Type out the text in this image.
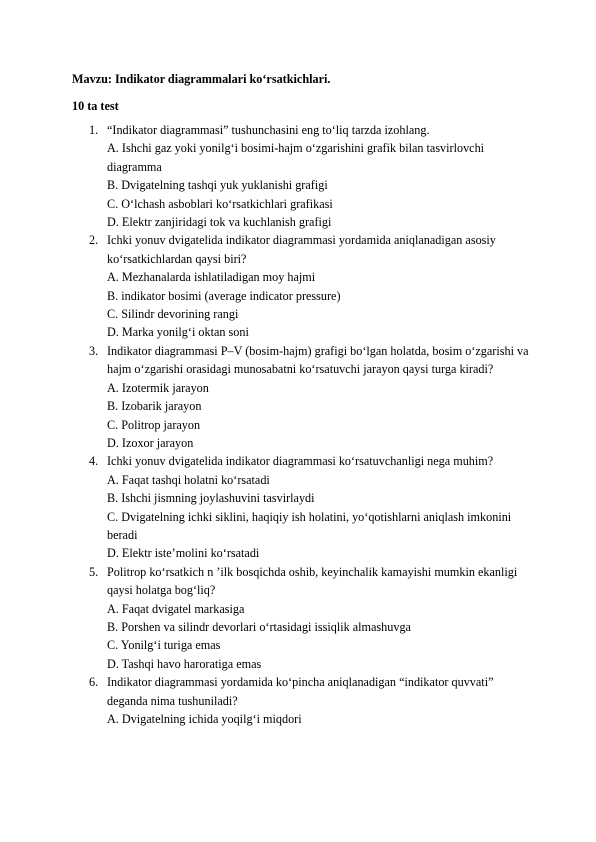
Mavzu: Indikator diagrammalari koʻrsatkichlari.
10 ta test
1. “Indikator diagrammasi” tushunchasini eng toʻliq tarzda izohlang.
A. Ishchi gaz yoki yonilgʻi bosimi-hajm oʻzgarishini grafik bilan tasvirlovchi diagramma
B. Dvigatelning tashqi yuk yuklanishi grafigi
C. Oʻlchash asboblari koʻrsatkichlari grafikasi
D. Elektr zanjiridagi tok va kuchlanish grafigi
2. Ichki yonuv dvigatelida indikator diagrammasi yordamida aniqlanadigan asosiy koʻrsatkichlardan qaysi biri?
A. Mezhanalarda ishlatiladigan moy hajmi
B. indikator bosimi (average indicator pressure)
C. Silindr devorining rangi
D. Marka yonilgʻi oktan soni
3. Indikator diagrammasi P–V (bosim-hajm) grafigi boʻlgan holatda, bosim oʻzgarishi va hajm oʻzgarishi orasidagi munosabatni koʻrsatuvchi jarayon qaysi turga kiradi?
A. Izotermik jarayon
B. Izobarik jarayon
C. Politrop jarayon
D. Izoxor jarayon
4. Ichki yonuv dvigatelida indikator diagrammasi koʻrsatuvchanligi nega muhim?
A. Faqat tashqi holatni koʻrsatadi
B. Ishchi jismning joylashuvini tasvirlaydi
C. Dvigatelning ichki siklini, haqiqiy ish holatini, yoʻqotishlarni aniqlash imkonini beradi
D. Elektr isteʼmolini koʻrsatadi
5. Politrop koʻrsatkich n ʼilk bosqichda oshib, keyinchalik kamayishi mumkin ekanligi qaysi holatga bogʻliq?
A. Faqat dvigatel markasiga
B. Porshen va silindr devorlari oʻrtasidagi issiqlik almashuvga
C. Yonilgʻi turiga emas
D. Tashqi havo haroratiga emas
6. Indikator diagrammasi yordamida koʻpincha aniqlanadigan “indikator quvvati” deganda nima tushuniladi?
A. Dvigatelning ichida yoqilgʻi miqdori
